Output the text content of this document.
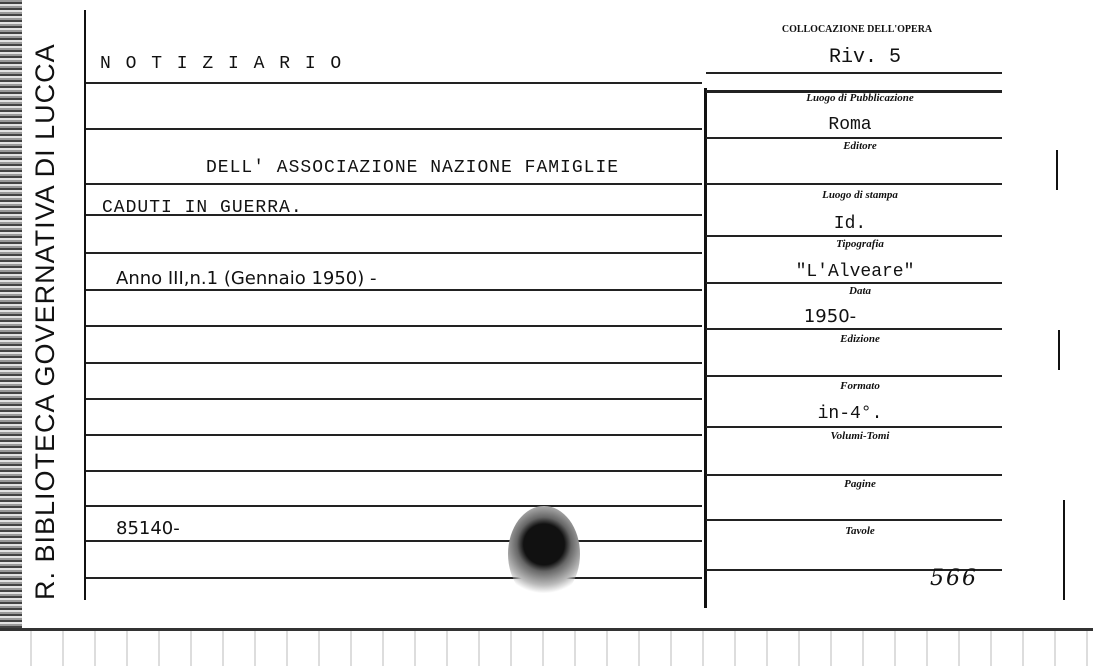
R. BIBLIOTECA GOVERNATIVA DI LUCCA	N O T I Z I A R I O
DELL' ASSOCIAZIONE NAZIONE FAMIGLIE
CADUTI IN GUERRA.
Anno III,n.1 (Gennaio 1950) -
85140-
COLLOCAZIONE DELL'OPERA
Riv. 5
Luogo di Pubblicazione
Roma
Editore
Luogo di stampa
Id.
Tipografia
"L'Alveare"
Data
1950-
Edizione
Formato
in-4°.
Volumi-Tomi
Pagine
Tavole
566
